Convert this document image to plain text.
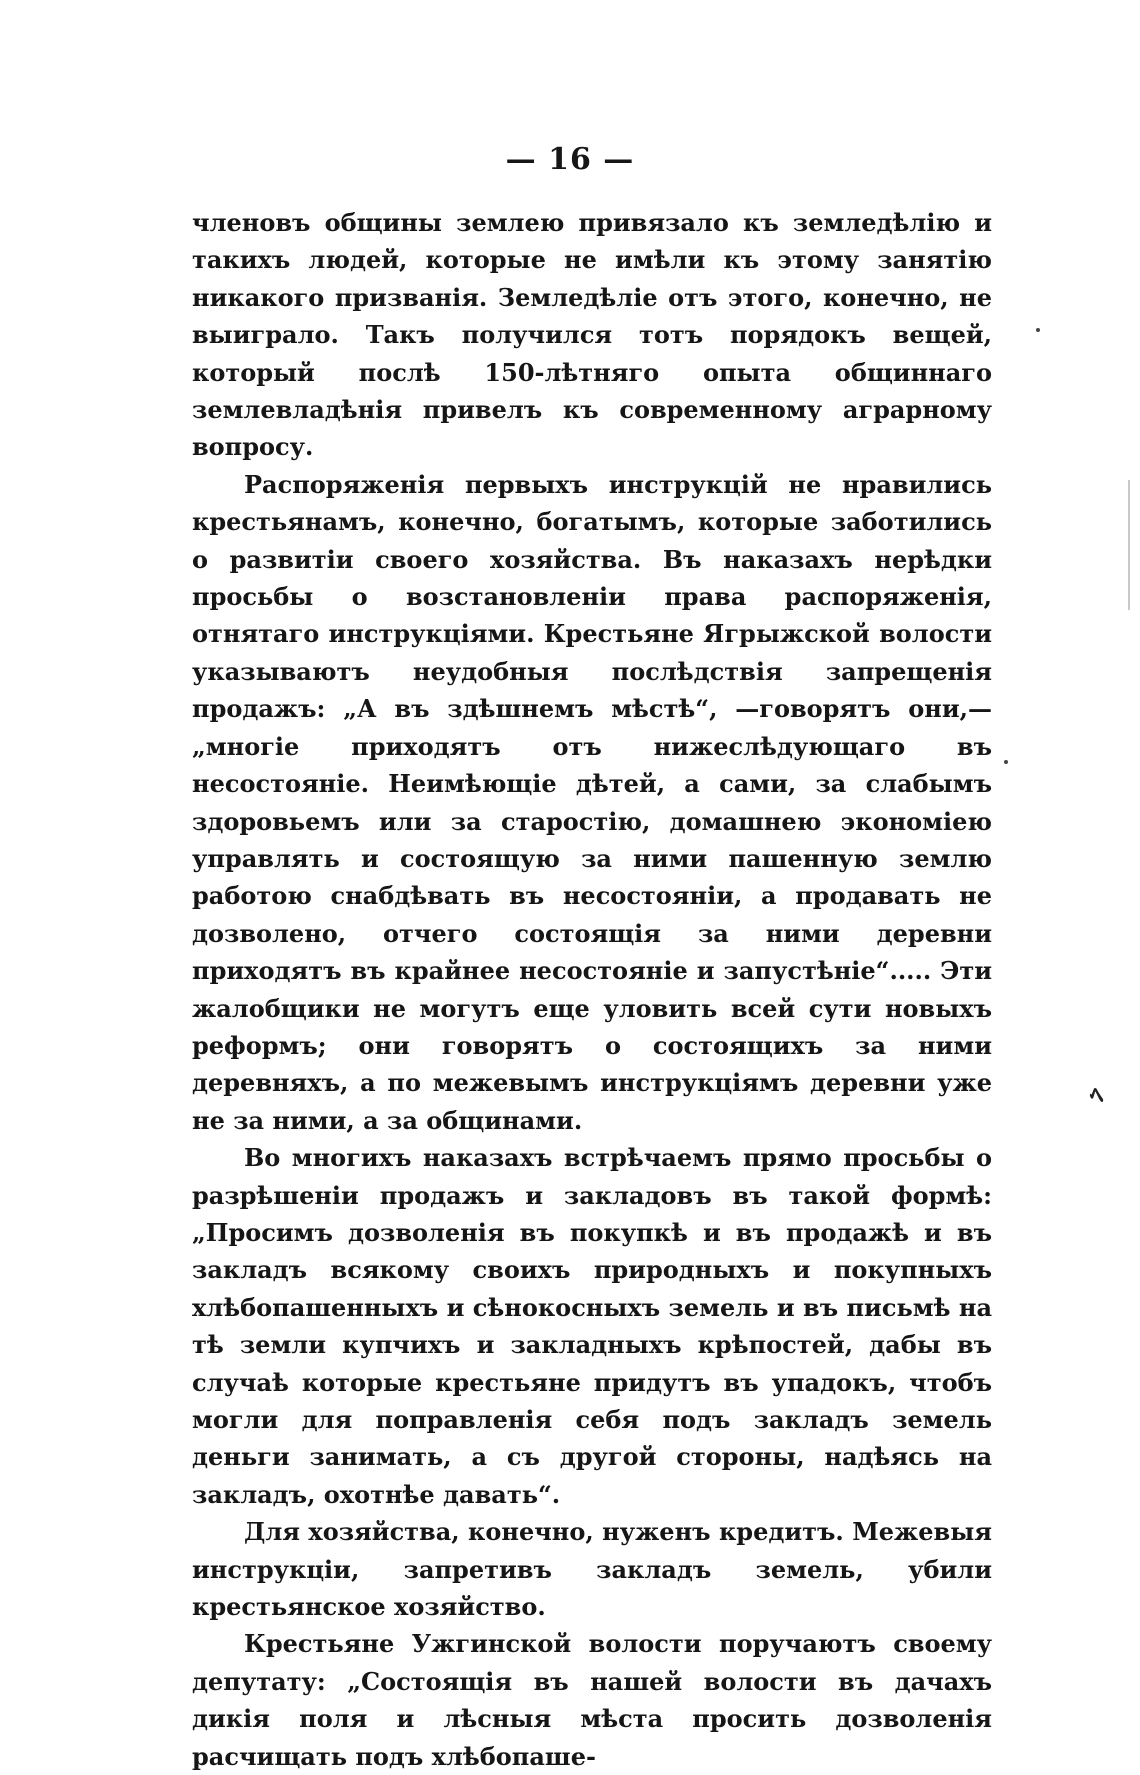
— 16 —

членовъ общины землею привязало къ земледѣлію и такихъ людей, которые не имѣли къ этому занятію никакого призванія. Земледѣліе отъ этого, конечно, не выиграло. Такъ получился тотъ порядокъ вещей, который послѣ 150-лѣтняго опыта общиннаго землевладѣнія привелъ къ современному аграрному вопросу.

Распоряженія первыхъ инструкцій не нравились крестьянамъ, конечно, богатымъ, которые заботились о развитіи своего хозяйства. Въ наказахъ нерѣдки просьбы о возстановленіи права распоряженія, отнятаго инструкціями. Крестьяне Ягрыжской волости указываютъ неудобныя послѣдствія запрещенія продажъ: „А въ здѣшнемъ мѣстѣ“, —говорятъ они,— „многіе приходятъ отъ нижеслѣдующаго въ несостояніе. Неимѣющіе дѣтей, а сами, за слабымъ здоровьемъ или за старостію, домашнею экономіею управлять и состоящую за ними пашенную землю работою снабдѣвать въ несостояніи, а продавать не дозволено, отчего состоящія за ними деревни приходятъ въ крайнее несостояніе и запустѣніе“..... Эти жалобщики не могутъ еще уловить всей сути новыхъ реформъ; они говорятъ о состоящихъ за ними деревняхъ, а по межевымъ инструкціямъ деревни уже не за ними, а за общинами.

Во многихъ наказахъ встрѣчаемъ прямо просьбы о разрѣшеніи продажъ и закладовъ въ такой формѣ: „Просимъ дозволенія въ покупкѣ и въ продажѣ и въ закладъ всякому своихъ природныхъ и покупныхъ хлѣбопашенныхъ и сѣнокосныхъ земель и въ письмѣ на тѣ земли купчихъ и закладныхъ крѣпостей, дабы въ случаѣ которые крестьяне придутъ въ упадокъ, чтобъ могли для поправленія себя подъ закладъ земель деньги занимать, а съ другой стороны, надѣясь на закладъ, охотнѣе давать“.

Для хозяйства, конечно, нуженъ кредитъ. Межевыя инструкціи, запретивъ закладъ земель, убили крестьянское хозяйство.

Крестьяне Ужгинской волости поручаютъ своему депутату: „Состоящія въ нашей волости въ дачахъ дикія поля и лѣсныя мѣста просить дозволенія расчищать подъ хлѣбопаше-

ﾍ
